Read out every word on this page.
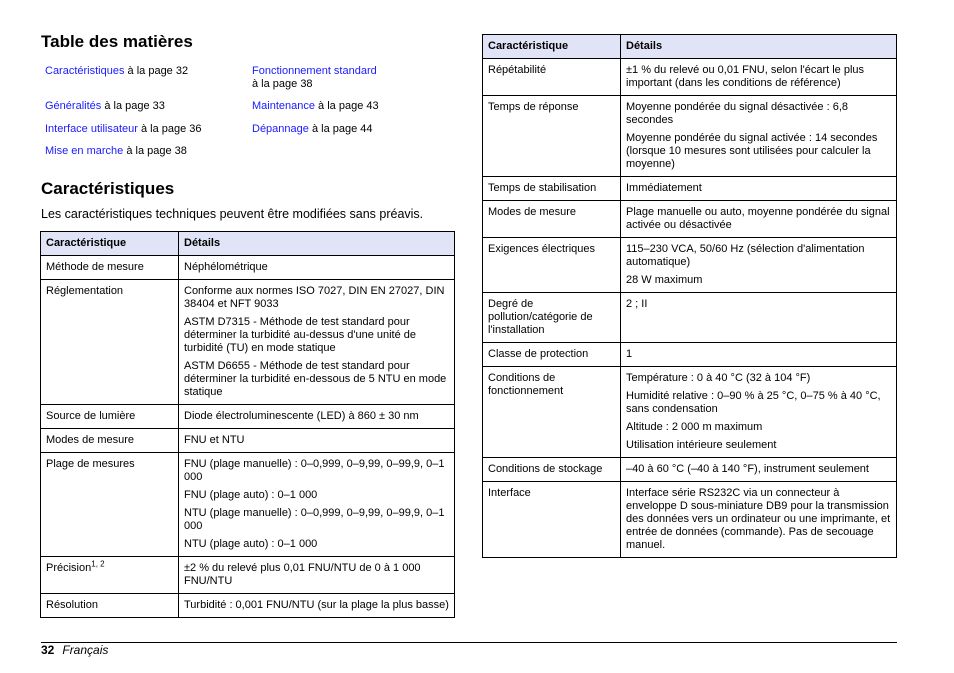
Table des matières
Caractéristiques à la page 32	Fonctionnement standard
à la page 38
Généralités à la page 33	Maintenance à la page 43
Interface utilisateur à la page 36	Dépannage à la page 44
Mise en marche à la page 38
Caractéristiques
Les caractéristiques techniques peuvent être modifiées sans préavis.
Caractéristique	Détails
Méthode de mesure	Néphélométrique

Réglementation	Conforme aux normes ISO 7027, DIN EN 27027, DIN 38404 et NFT 9033

ASTM D7315 - Méthode de test standard pour déterminer la turbidité au-dessus d'une unité de turbidité (TU) en mode statique

ASTM D6655 - Méthode de test standard pour déterminer la turbidité en-dessous de 5 NTU en mode statique

Source de lumière	Diode électroluminescente (LED) à 860 ± 30 nm

Modes de mesure	FNU et NTU

Plage de mesures	FNU (plage manuelle) : 0–0,999, 0–9,99, 0–99,9, 0–1 000

FNU (plage auto) : 0–1 000

NTU (plage manuelle) : 0–0,999, 0–9,99, 0–99,9, 0–1 000

NTU (plage auto) : 0–1 000

Précision$^{1, 2}$	±2 % du relevé plus 0,01 FNU/NTU de 0 à 1 000 FNU/NTU

Résolution	Turbidité : 0,001 FNU/NTU (sur la plage la plus basse)

Caractéristique	Détails
Répétabilité	±1 % du relevé ou 0,01 FNU, selon l'écart le plus important (dans les conditions de référence)

Temps de réponse	Moyenne pondérée du signal désactivée : 6,8 secondes

Moyenne pondérée du signal activée : 14 secondes (lorsque 10 mesures sont utilisées pour calculer la moyenne)

Temps de stabilisation	Immédiatement

Modes de mesure	Plage manuelle ou auto, moyenne pondérée du signal activée ou désactivée

Exigences électriques	115–230 VCA, 50/60 Hz (sélection d'alimentation automatique)

28 W maximum

Degré de pollution/catégorie de l'installation	2 ; II

Classe de protection	1

Conditions de fonctionnement	Température : 0 à 40 °C (32 à 104 °F)

Humidité relative : 0–90 % à 25 °C, 0–75 % à 40 °C, sans condensation

Altitude : 2 000 m maximum

Utilisation intérieure seulement

Conditions de stockage	–40 à 60 °C (–40 à 140 °F), instrument seulement

Interface	Interface série RS232C via un connecteur à enveloppe D sous-miniature DB9 pour la transmission des données vers un ordinateur ou une imprimante, et entrée de données (commande). Pas de secouage manuel.

32 Français
